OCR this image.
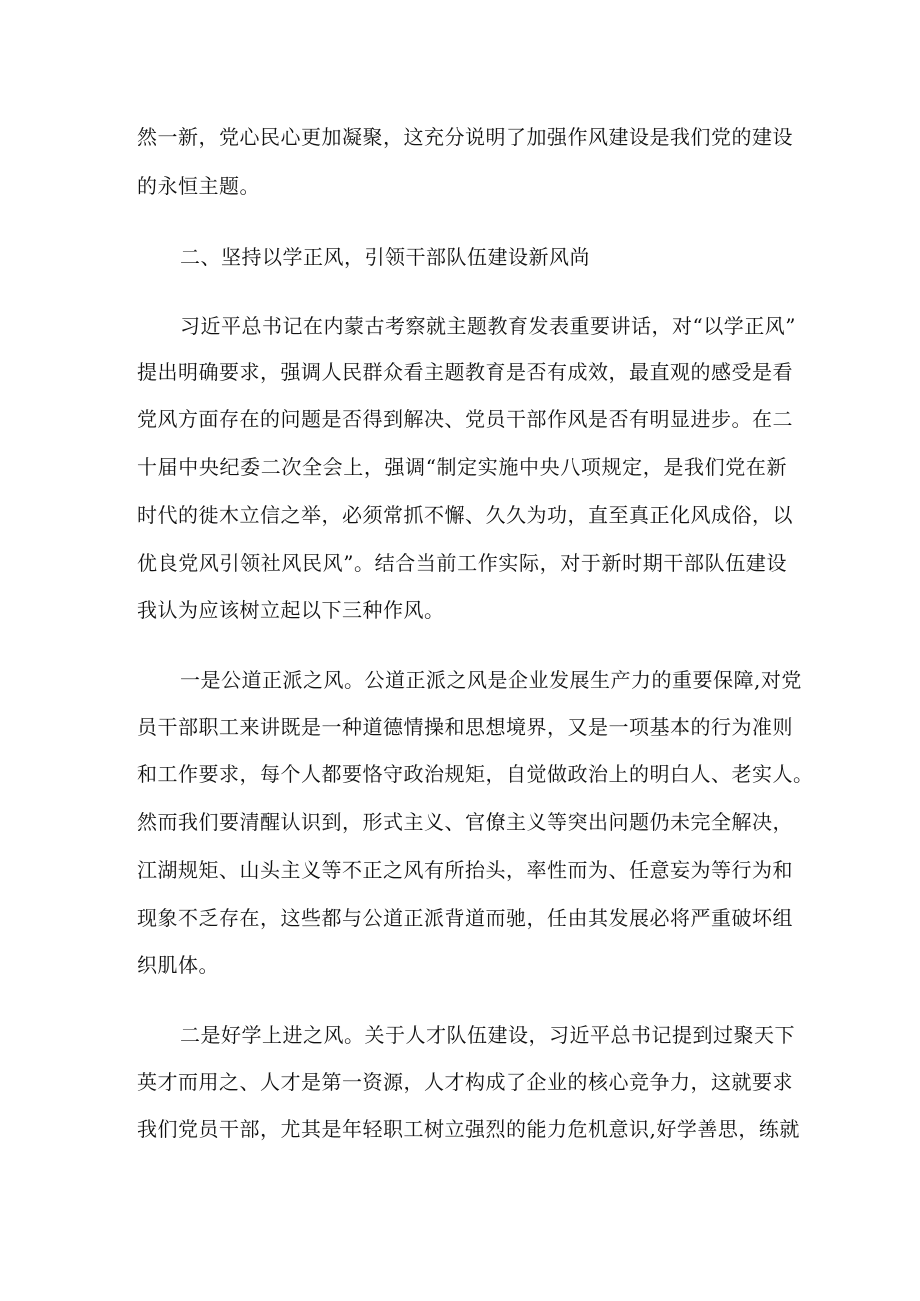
然一新，党心民心更加凝聚，这充分说明了加强作风建设是我们党的建设

的永恒主题。

二、坚持以学正风，引领干部队伍建设新风尚

习近平总书记在内蒙古考察就主题教育发表重要讲话，对“以学正风”

提出明确要求，强调人民群众看主题教育是否有成效，最直观的感受是看

党风方面存在的问题是否得到解决、党员干部作风是否有明显进步。在二

十届中央纪委二次全会上，强调“制定实施中央八项规定，是我们党在新

时代的徙木立信之举，必须常抓不懈、久久为功，直至真正化风成俗，以

优良党风引领社风民风”。结合当前工作实际，对于新时期干部队伍建设

我认为应该树立起以下三种作风。

一是公道正派之风。公道正派之风是企业发展生产力的重要保障,对党

员干部职工来讲既是一种道德情操和思想境界，又是一项基本的行为准则

和工作要求，每个人都要恪守政治规矩，自觉做政治上的明白人、老实人。

然而我们要清醒认识到，形式主义、官僚主义等突出问题仍未完全解决，

江湖规矩、山头主义等不正之风有所抬头，率性而为、任意妄为等行为和

现象不乏存在，这些都与公道正派背道而驰，任由其发展必将严重破坏组

织肌体。

二是好学上进之风。关于人才队伍建设，习近平总书记提到过聚天下

英才而用之、人才是第一资源，人才构成了企业的核心竞争力，这就要求

我们党员干部，尤其是年轻职工树立强烈的能力危机意识,好学善思，练就
